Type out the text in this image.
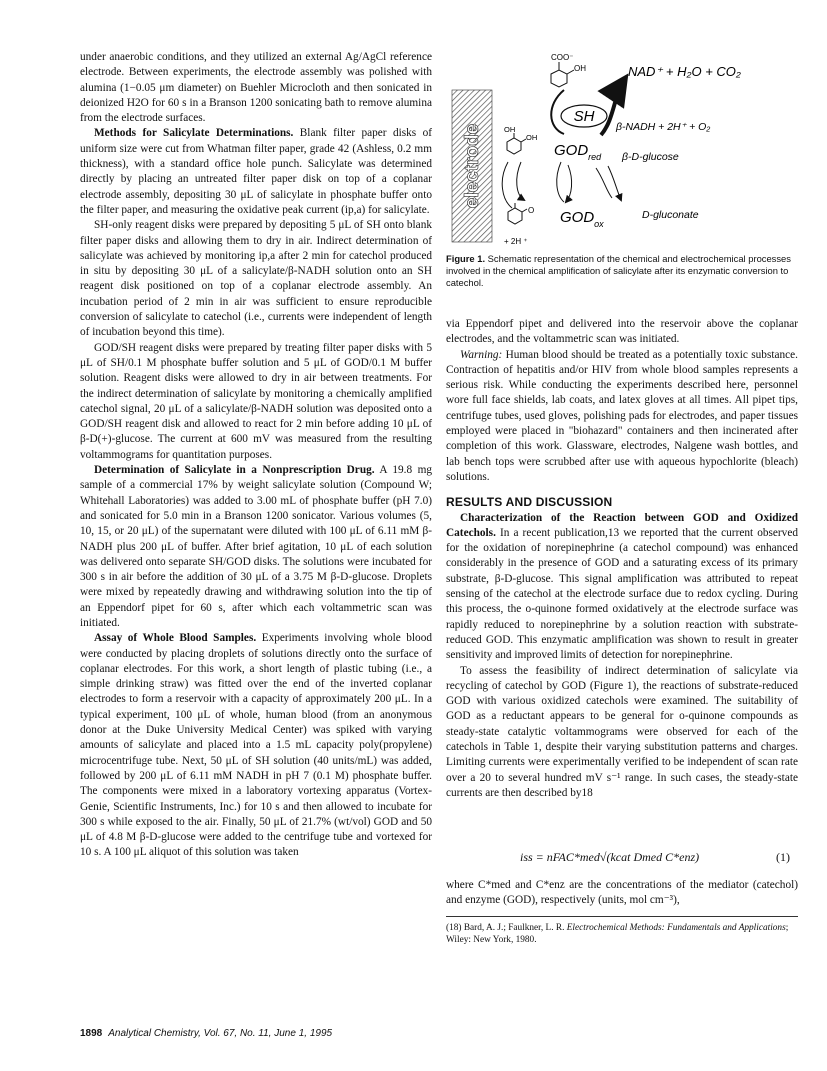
under anaerobic conditions, and they utilized an external Ag/AgCl reference electrode. Between experiments, the electrode assembly was polished with alumina (1−0.05 μm diameter) on Buehler Microcloth and then sonicated in deionized H2O for 60 s in a Branson 1200 sonicating bath to remove alumina from the electrode surfaces.

Methods for Salicylate Determinations. Blank filter paper disks of uniform size were cut from Whatman filter paper, grade 42 (Ashless, 0.2 mm thickness), with a standard office hole punch. Salicylate was determined directly by placing an untreated filter paper disk on top of a coplanar electrode assembly, depositing 30 μL of salicylate in phosphate buffer onto the filter paper, and measuring the oxidative peak current (ip,a) for salicylate.

SH-only reagent disks were prepared by depositing 5 μL of SH onto blank filter paper disks and allowing them to dry in air. Indirect determination of salicylate was achieved by monitoring ip,a after 2 min for catechol produced in situ by depositing 30 μL of a salicylate/β-NADH solution onto an SH reagent disk positioned on top of a coplanar electrode assembly. An incubation period of 2 min in air was sufficient to ensure reproducible conversion of salicylate to catechol (i.e., currents were independent of length of incubation beyond this time).

GOD/SH reagent disks were prepared by treating filter paper disks with 5 μL of SH/0.1 M phosphate buffer solution and 5 μL of GOD/0.1 M buffer solution. Reagent disks were allowed to dry in air between treatments. For the indirect determination of salicylate by monitoring a chemically amplified catechol signal, 20 μL of a salicylate/β-NADH solution was deposited onto a GOD/SH reagent disk and allowed to react for 2 min before adding 10 μL of β-D(+)-glucose. The current at 600 mV was measured from the resulting voltammograms for quantitation purposes.

Determination of Salicylate in a Nonprescription Drug. A 19.8 mg sample of a commercial 17% by weight salicylate solution (Compound W; Whitehall Laboratories) was added to 3.00 mL of phosphate buffer (pH 7.0) and sonicated for 5.0 min in a Branson 1200 sonicator. Various volumes (5, 10, 15, or 20 μL) of the supernatant were diluted with 100 μL of 6.11 mM β-NADH plus 200 μL of buffer. After brief agitation, 10 μL of each solution was delivered onto separate SH/GOD disks. The solutions were incubated for 300 s in air before the addition of 30 μL of a 3.75 M β-D-glucose. Droplets were mixed by repeatedly drawing and withdrawing solution into the tip of an Eppendorf pipet for 60 s, after which each voltammetric scan was initiated.

Assay of Whole Blood Samples. Experiments involving whole blood were conducted by placing droplets of solutions directly onto the surface of coplanar electrodes. For this work, a short length of plastic tubing (i.e., a simple drinking straw) was fitted over the end of the inverted coplanar electrodes to form a reservoir with a capacity of approximately 200 μL. In a typical experiment, 100 μL of whole, human blood (from an anonymous donor at the Duke University Medical Center) was spiked with varying amounts of salicylate and placed into a 1.5 mL capacity poly(propylene) microcentrifuge tube. Next, 50 μL of SH solution (40 units/mL) was added, followed by 200 μL of 6.11 mM NADH in pH 7 (0.1 M) phosphate buffer. The components were mixed in a laboratory vortexing apparatus (Vortex-Genie, Scientific Instruments, Inc.) for 10 s and then allowed to incubate for 300 s while exposed to the air. Finally, 50 μL of 21.7% (wt/vol) GOD and 50 μL of 4.8 M β-D-glucose were added to the centrifuge tube and vortexed for 10 s. A 100 μL aliquot of this solution was taken

electrode
COO⁻
OH	NAD⁺ + H₂O + CO₂
SH
β-NADH + 2H⁺ + O₂
OH
OH
$GOD_{red}$ β-D-glucose
O $GOD_{ox}$
D-gluconate
+ 2H ⁺
Figure 1. Schematic representation of the chemical and electrochemical processes involved in the chemical amplification of salicylate after its enzymatic conversion to catechol.

via Eppendorf pipet and delivered into the reservoir above the coplanar electrodes, and the voltammetric scan was initiated.

Warning: Human blood should be treated as a potentially toxic substance. Contraction of hepatitis and/or HIV from whole blood samples represents a serious risk. While conducting the experiments described here, personnel wore full face shields, lab coats, and latex gloves at all times. All pipet tips, centrifuge tubes, used gloves, polishing pads for electrodes, and paper tissues employed were placed in "biohazard" containers and then incinerated after completion of this work. Glassware, electrodes, Nalgene wash bottles, and lab bench tops were scrubbed after use with aqueous hypochlorite (bleach) solutions.

RESULTS AND DISCUSSION

Characterization of the Reaction between GOD and Oxidized Catechols. In a recent publication,13 we reported that the current observed for the oxidation of norepinephrine (a catechol compound) was enhanced considerably in the presence of GOD and a saturating excess of its primary substrate, β-D-glucose. This signal amplification was attributed to repeat sensing of the catechol at the electrode surface due to redox cycling. During this process, the o-quinone formed oxidatively at the electrode surface was rapidly reduced to norepinephrine by a solution reaction with substrate-reduced GOD. This enzymatic amplification was shown to result in greater sensitivity and improved limits of detection for norepinephrine.

To assess the feasibility of indirect determination of salicylate via recycling of catechol by GOD (Figure 1), the reactions of substrate-reduced GOD with various oxidized catechols were examined. The suitability of GOD as a reductant appears to be general for o-quinone compounds as steady-state catalytic voltammograms were observed for each of the catechols in Table 1, despite their varying substitution patterns and charges. Limiting currents were experimentally verified to be independent of scan rate over a 20 to several hundred mV s⁻¹ range. In such cases, the steady-state currents are then described by18

iss = nFAC*med√(kcat Dmed C*enz)	(1)
where C*med and C*enz are the concentrations of the mediator (catechol) and enzyme (GOD), respectively (units, mol cm⁻³),
(18) Bard, A. J.; Faulkner, L. R. Electrochemical Methods: Fundamentals and Applications; Wiley: New York, 1980.
1898 Analytical Chemistry, Vol. 67, No. 11, June 1, 1995
